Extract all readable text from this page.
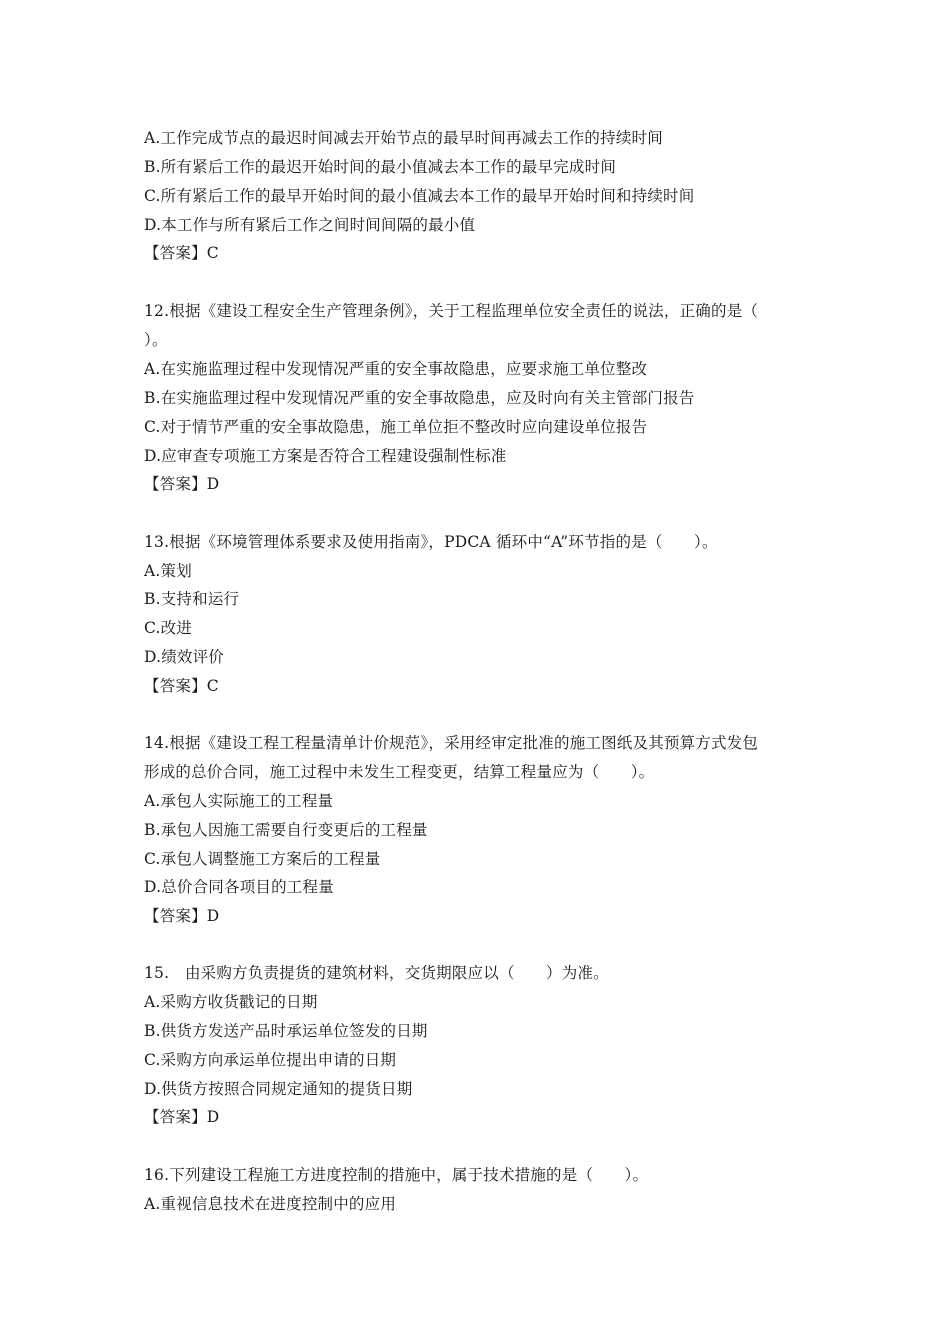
A.工作完成节点的最迟时间减去开始节点的最早时间再减去工作的持续时间
B.所有紧后工作的最迟开始时间的最小值减去本工作的最早完成时间
C.所有紧后工作的最早开始时间的最小值减去本工作的最早开始时间和持续时间
D.本工作与所有紧后工作之间时间间隔的最小值
【答案】C
12.根据《建设工程安全生产管理条例》，关于工程监理单位安全责任的说法，正确的是（
）。
A.在实施监理过程中发现情况严重的安全事故隐患，应要求施工单位整改
B.在实施监理过程中发现情况严重的安全事故隐患，应及时向有关主管部门报告
C.对于情节严重的安全事故隐患，施工单位拒不整改时应向建设单位报告
D.应审查专项施工方案是否符合工程建设强制性标准
【答案】D
13.根据《环境管理体系要求及使用指南》，PDCA 循环中“A”环节指的是（　　）。
A.策划
B.支持和运行
C.改进
D.绩效评价
【答案】C
14.根据《建设工程工程量清单计价规范》，采用经审定批准的施工图纸及其预算方式发包
形成的总价合同，施工过程中未发生工程变更，结算工程量应为（　　）。
A.承包人实际施工的工程量
B.承包人因施工需要自行变更后的工程量
C.承包人调整施工方案后的工程量
D.总价合同各项目的工程量
【答案】D
15.　由采购方负责提货的建筑材料，交货期限应以（　　）为准。
A.采购方收货戳记的日期
B.供货方发送产品时承运单位签发的日期
C.采购方向承运单位提出申请的日期
D.供货方按照合同规定通知的提货日期
【答案】D
16.下列建设工程施工方进度控制的措施中，属于技术措施的是（　　）。
A.重视信息技术在进度控制中的应用
